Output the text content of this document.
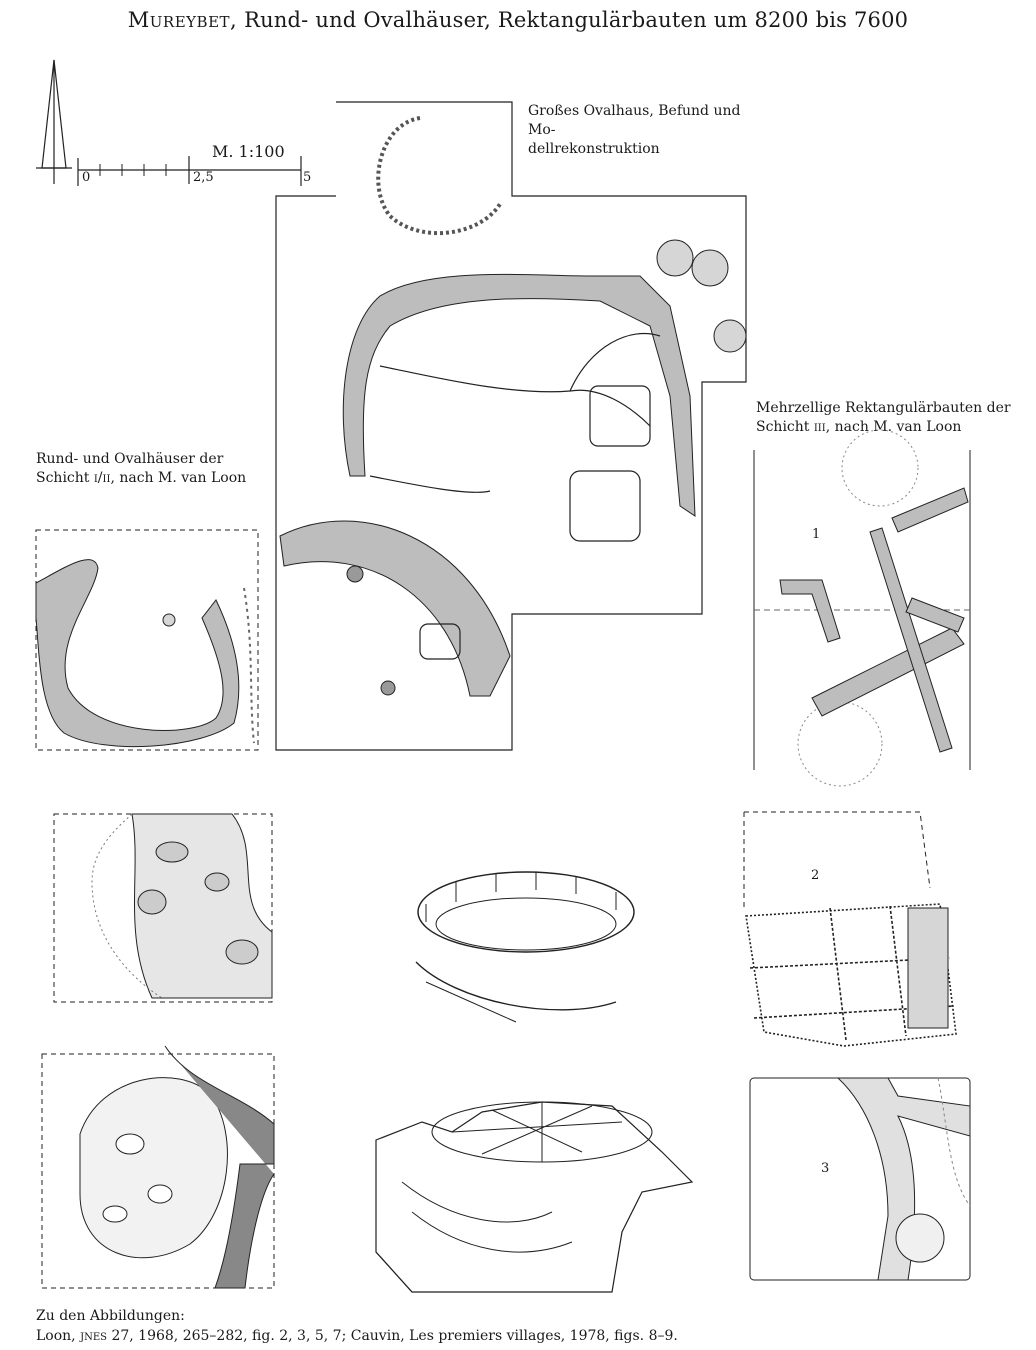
Mureybet, Rund- und Ovalhäuser, Rektangulärbauten um 8200 bis 7600
M. 1:100
0	2,5	5
Großes Ovalhaus, Befund und Mo-
dellrekonstruktion
Mehrzellige Rektangulärbauten der
Schicht iii, nach M. van Loon
Rund- und Ovalhäuser der
Schicht i/ii, nach M. van Loon
1
2
3
Zu den Abbildungen:
Loon, jnes 27, 1968, 265–282, fig. 2, 3, 5, 7; Cauvin, Les premiers villages, 1978, figs. 8–9.
